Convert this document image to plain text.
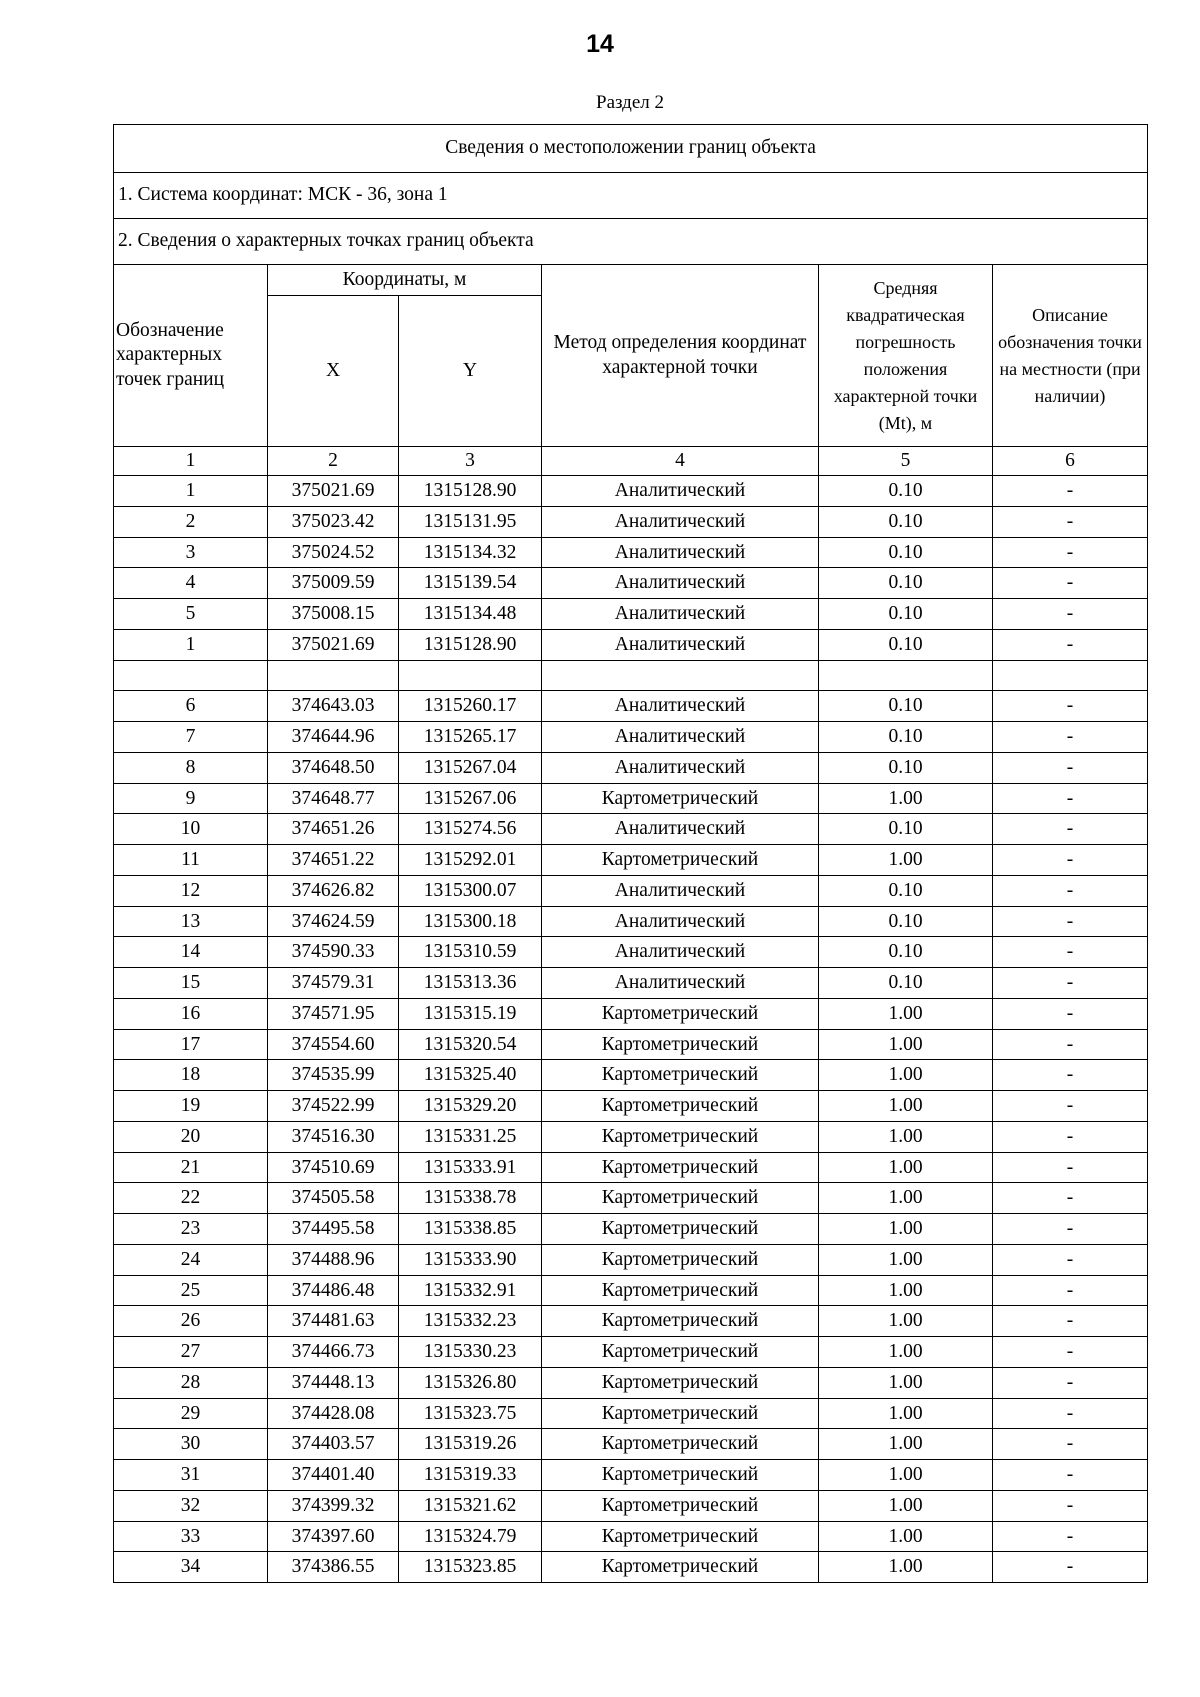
14
Раздел 2
Сведения о местоположении границ объекта					
1. Система координат: МСК - 36, зона 1					
2. Сведения о характерных точках границ объекта					
Обозначение характерных точек границ	Координаты, м		Метод определения координат характерной точки	Средняя квадратическая погрешность положения характерной точки (Mt), м	Описание обозначения точки на местности (при наличии)
	X	Y			
1	2	3	4	5	6
1	375021.69	1315128.90	Аналитический	0.10	-
2	375023.42	1315131.95	Аналитический	0.10	-
3	375024.52	1315134.32	Аналитический	0.10	-
4	375009.59	1315139.54	Аналитический	0.10	-
5	375008.15	1315134.48	Аналитический	0.10	-
1	375021.69	1315128.90	Аналитический	0.10	-

6	374643.03	1315260.17	Аналитический	0.10	-
7	374644.96	1315265.17	Аналитический	0.10	-
8	374648.50	1315267.04	Аналитический	0.10	-
9	374648.77	1315267.06	Картометрический	1.00	-
10	374651.26	1315274.56	Аналитический	0.10	-
11	374651.22	1315292.01	Картометрический	1.00	-
12	374626.82	1315300.07	Аналитический	0.10	-
13	374624.59	1315300.18	Аналитический	0.10	-
14	374590.33	1315310.59	Аналитический	0.10	-
15	374579.31	1315313.36	Аналитический	0.10	-
16	374571.95	1315315.19	Картометрический	1.00	-
17	374554.60	1315320.54	Картометрический	1.00	-
18	374535.99	1315325.40	Картометрический	1.00	-
19	374522.99	1315329.20	Картометрический	1.00	-
20	374516.30	1315331.25	Картометрический	1.00	-
21	374510.69	1315333.91	Картометрический	1.00	-
22	374505.58	1315338.78	Картометрический	1.00	-
23	374495.58	1315338.85	Картометрический	1.00	-
24	374488.96	1315333.90	Картометрический	1.00	-
25	374486.48	1315332.91	Картометрический	1.00	-
26	374481.63	1315332.23	Картометрический	1.00	-
27	374466.73	1315330.23	Картометрический	1.00	-
28	374448.13	1315326.80	Картометрический	1.00	-
29	374428.08	1315323.75	Картометрический	1.00	-
30	374403.57	1315319.26	Картометрический	1.00	-
31	374401.40	1315319.33	Картометрический	1.00	-
32	374399.32	1315321.62	Картометрический	1.00	-
33	374397.60	1315324.79	Картометрический	1.00	-
34	374386.55	1315323.85	Картометрический	1.00	-
